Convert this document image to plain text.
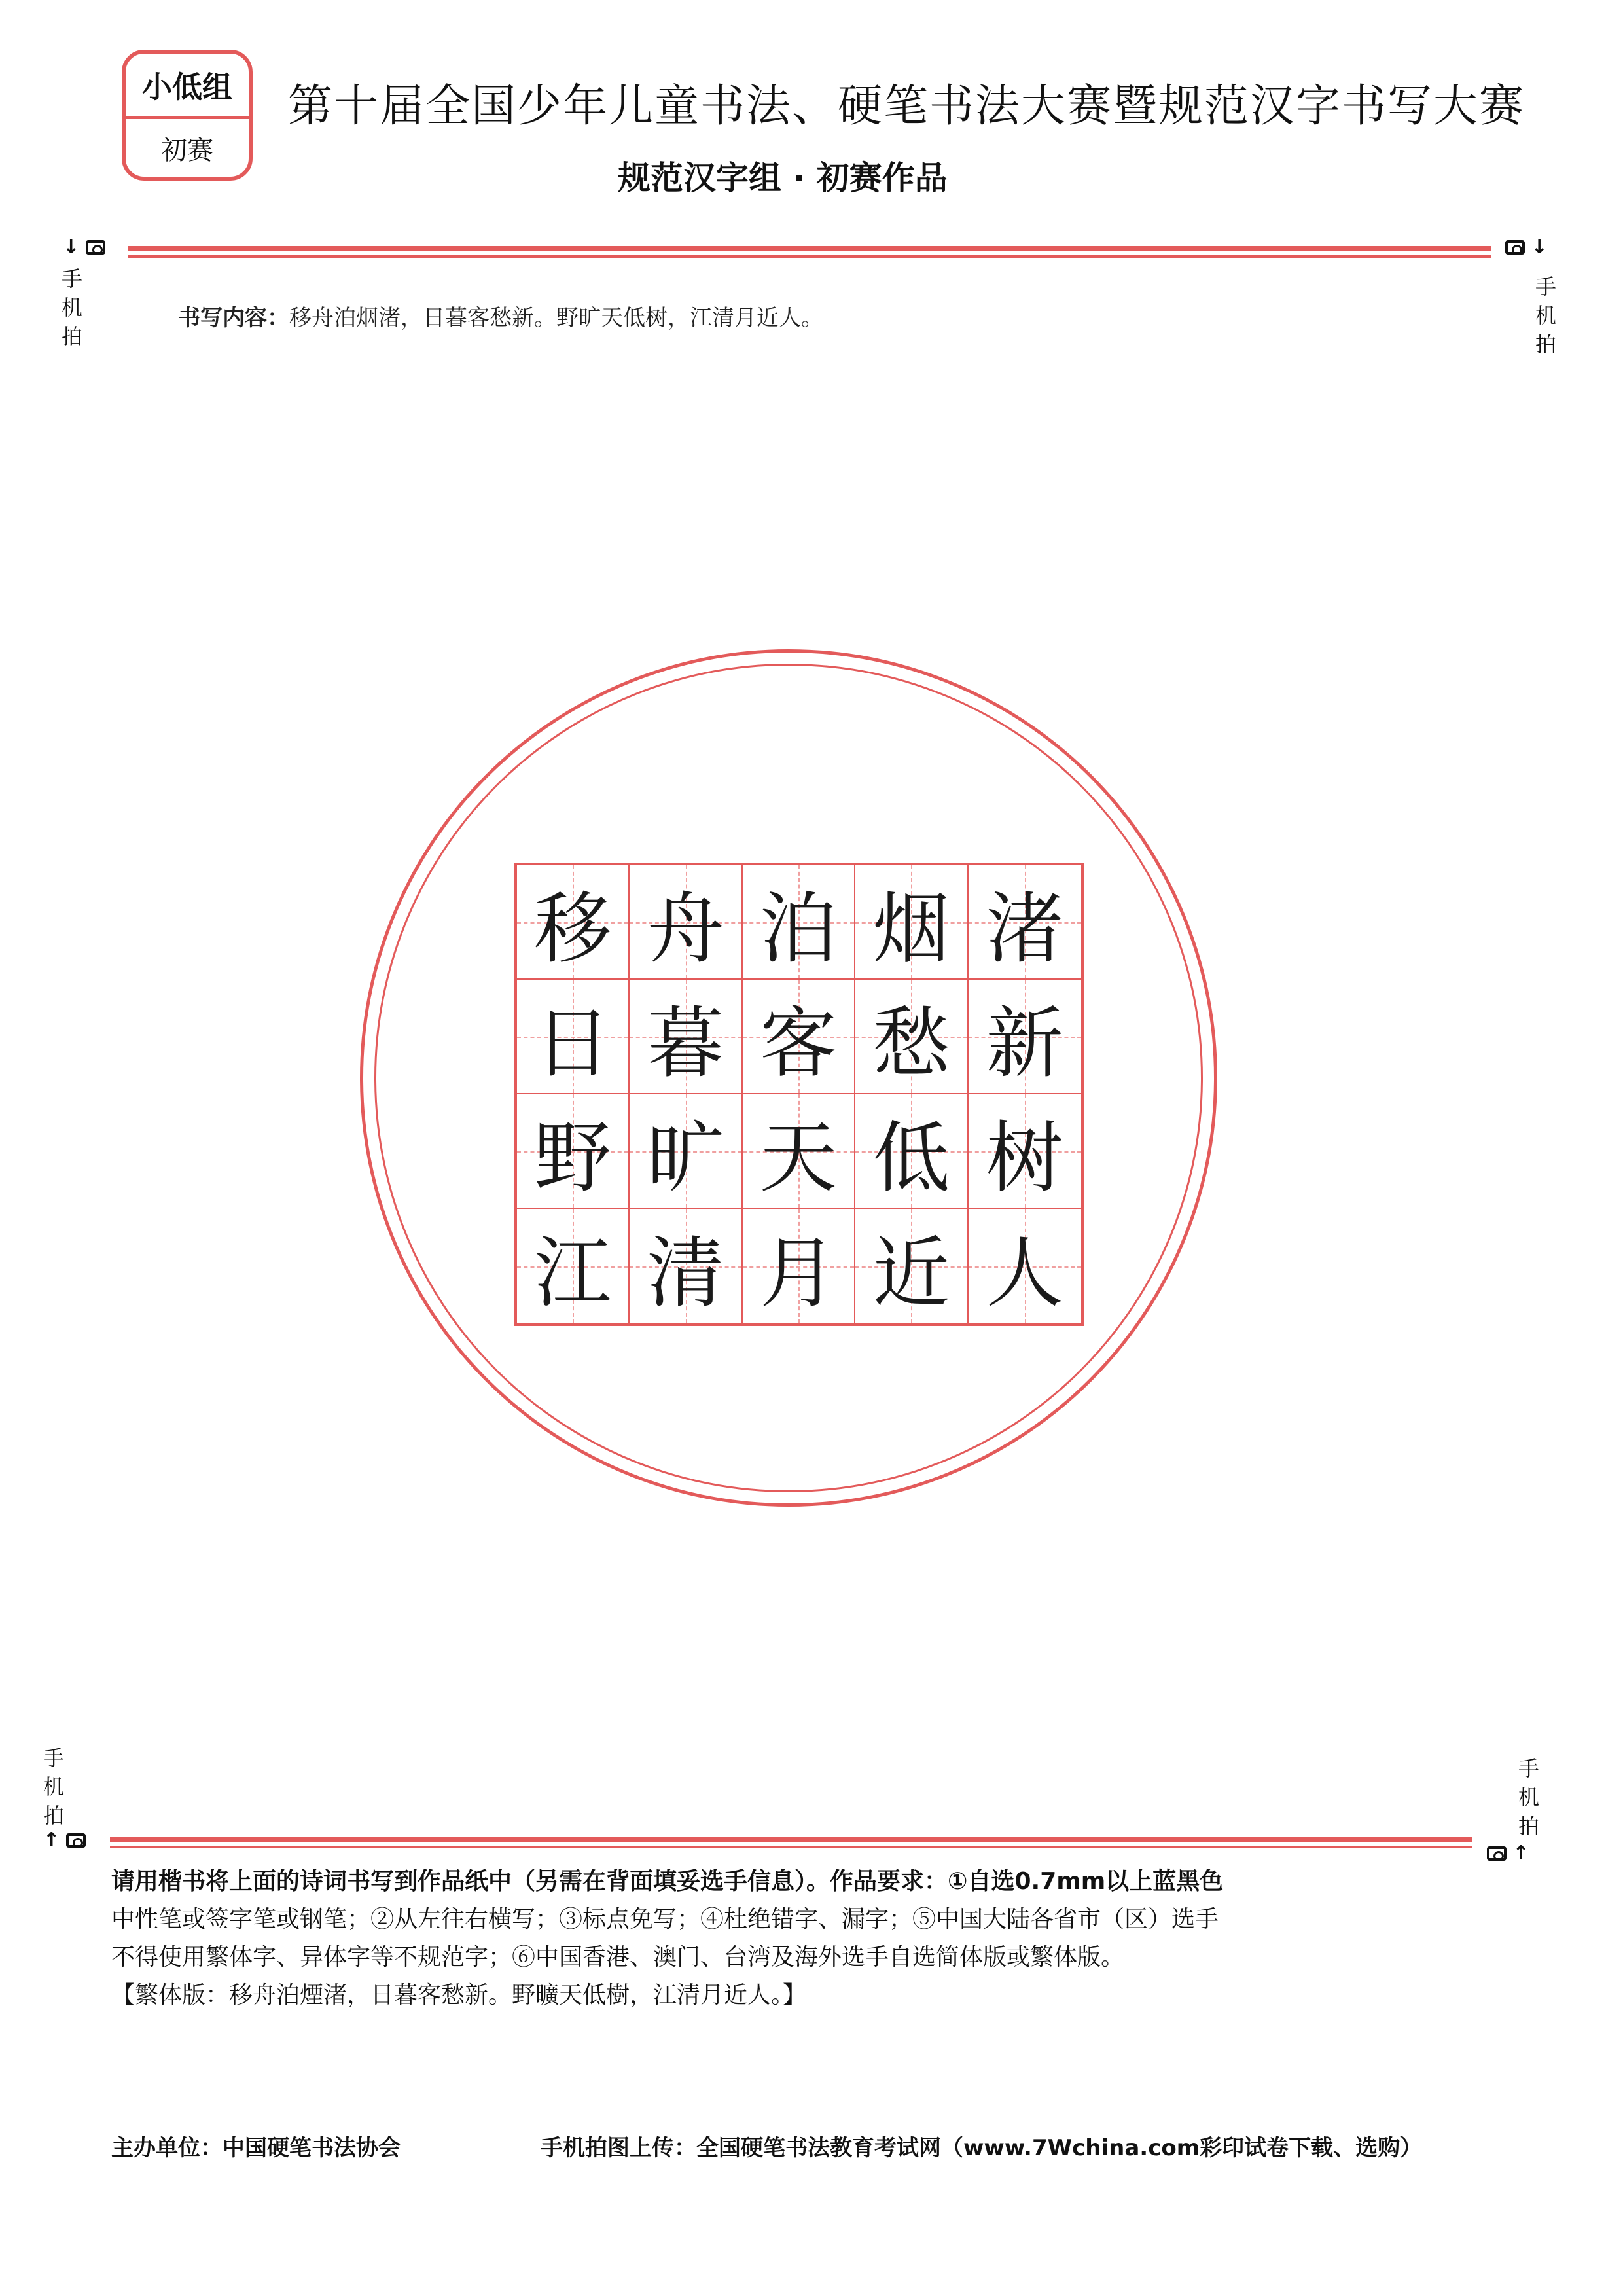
小低组
初赛
第十届全国少年儿童书法、硬笔书法大赛暨规范汉字书写大赛
规范汉字组 · 初赛作品
↓
手
机
拍
↓
手
机
拍
书写内容：移舟泊烟渚，日暮客愁新。野旷天低树，江清月近人。
移 舟 泊 烟 渚
日 暮 客 愁 新
野 旷 天 低 树
江 清 月 近 人
手
机
拍
↑
手
机
拍
↑

请用楷书将上面的诗词书写到作品纸中（另需在背面填妥选手信息）。作品要求：①自选0.7mm以上蓝黑色

中性笔或签字笔或钢笔；②从左往右横写；③标点免写；④杜绝错字、漏字；⑤中国大陆各省市（区）选手

不得使用繁体字、异体字等不规范字；⑥中国香港、澳门、台湾及海外选手自选简体版或繁体版。

【繁体版：移舟泊煙渚，日暮客愁新。野曠天低樹，江清月近人。】

主办单位：中国硬笔书法协会	手机拍图上传：全国硬笔书法教育考试网（www.7Wchina.com彩印试卷下载、选购）
